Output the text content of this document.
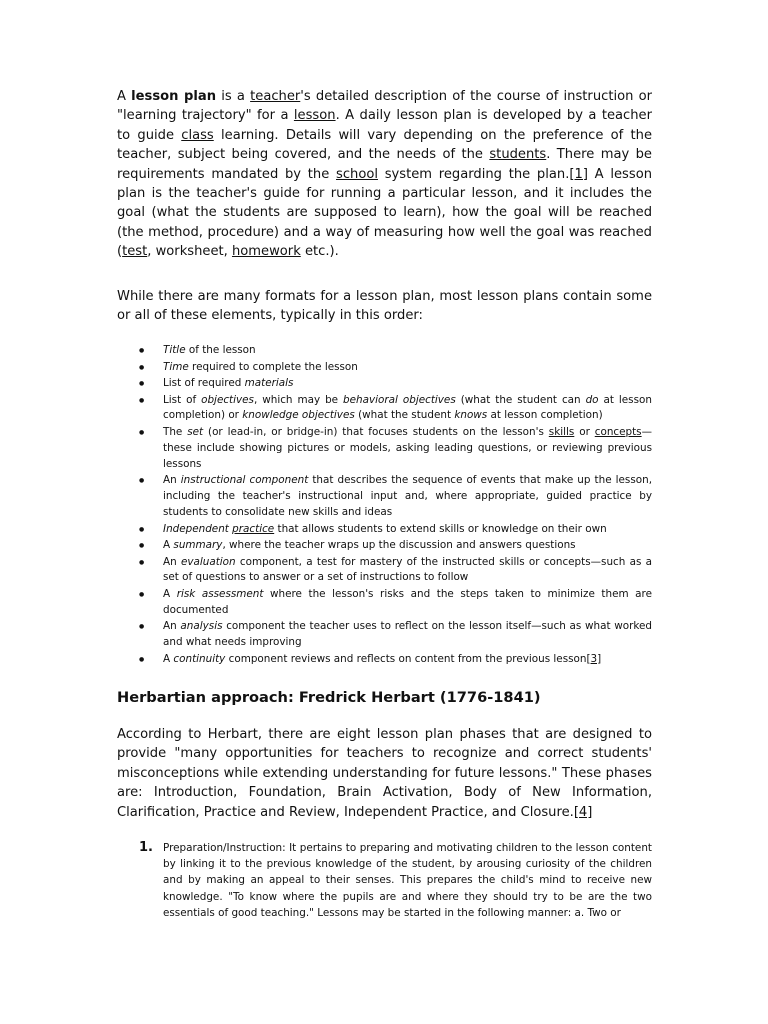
A lesson plan is a teacher's detailed description of the course of instruction or "learning trajectory" for a lesson. A daily lesson plan is developed by a teacher to guide class learning. Details will vary depending on the preference of the teacher, subject being covered, and the needs of the students. There may be requirements mandated by the school system regarding the plan.[1] A lesson plan is the teacher's guide for running a particular lesson, and it includes the goal (what the students are supposed to learn), how the goal will be reached (the method, procedure) and a way of measuring how well the goal was reached (test, worksheet, homework etc.).

While there are many formats for a lesson plan, most lesson plans contain some or all of these elements, typically in this order:

● Title of the lesson
● Time required to complete the lesson
● List of required materials
● List of objectives, which may be behavioral objectives (what the student can do at lesson completion) or knowledge objectives (what the student knows at lesson completion)
● The set (or lead-in, or bridge-in) that focuses students on the lesson's skills or concepts—these include showing pictures or models, asking leading questions, or reviewing previous lessons
● An instructional component that describes the sequence of events that make up the lesson, including the teacher's instructional input and, where appropriate, guided practice by students to consolidate new skills and ideas
● Independent practice that allows students to extend skills or knowledge on their own
● A summary, where the teacher wraps up the discussion and answers questions
● An evaluation component, a test for mastery of the instructed skills or concepts—such as a set of questions to answer or a set of instructions to follow
● A risk assessment where the lesson's risks and the steps taken to minimize them are documented
● An analysis component the teacher uses to reflect on the lesson itself—such as what worked and what needs improving
● A continuity component reviews and reflects on content from the previous lesson[3]
Herbartian approach: Fredrick Herbart (1776-1841)

According to Herbart, there are eight lesson plan phases that are designed to provide "many opportunities for teachers to recognize and correct students' misconceptions while extending understanding for future lessons." These phases are: Introduction, Foundation, Brain Activation, Body of New Information, Clarification, Practice and Review, Independent Practice, and Closure.[4]

1. Preparation/Instruction: It pertains to preparing and motivating children to the lesson content by linking it to the previous knowledge of the student, by arousing curiosity of the children and by making an appeal to their senses. This prepares the child's mind to receive new knowledge. "To know where the pupils are and where they should try to be are the two essentials of good teaching." Lessons may be started in the following manner: a. Two or
